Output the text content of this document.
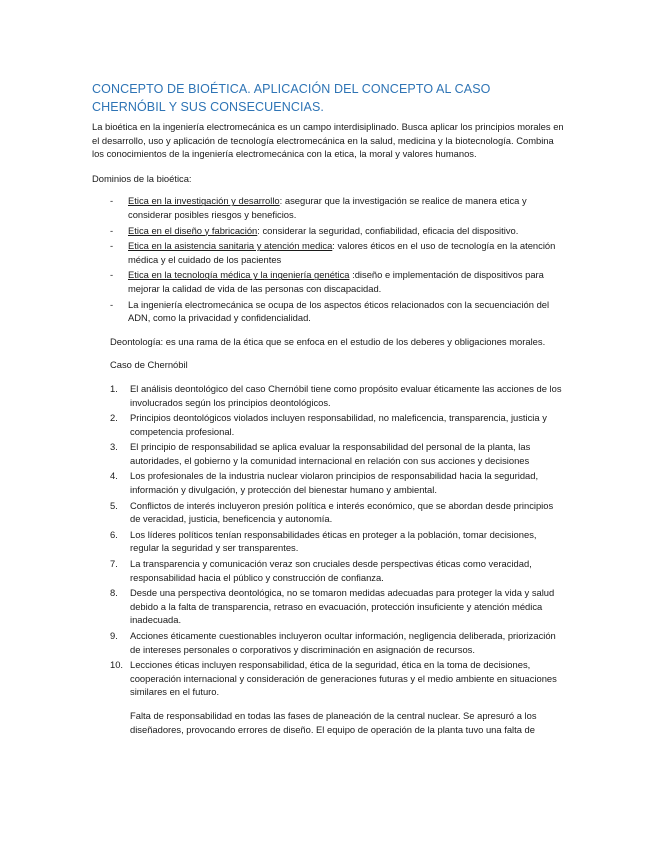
CONCEPTO DE BIOÉTICA. APLICACIÓN DEL CONCEPTO AL CASO CHERNÓBIL Y SUS CONSECUENCIAS.

La bioética en la ingeniería electromecánica es un campo interdisiplinado. Busca aplicar los principios morales en el desarrollo, uso y aplicación de tecnología electromecánica en la salud, medicina y la biotecnología. Combina los conocimientos de la ingeniería electromecánica con la etica, la moral y valores humanos.

Dominios de la bioética:

- Etica en la investigación y desarrollo: asegurar que la investigación se realice de manera etica y considerar posibles riesgos y beneficios.
- Etica en el diseño y fabricación: considerar la seguridad, confiabilidad, eficacia del dispositivo.
- Etica en la asistencia sanitaria y atención medica: valores éticos en el uso de tecnología en la atención médica y el cuidado de los pacientes
- Etica en la tecnología médica y la ingeniería genética :diseño e implementación de dispositivos para mejorar la calidad de vida de las personas con discapacidad.
- La ingeniería electromecánica se ocupa de los aspectos éticos relacionados con la secuenciación del ADN, como la privacidad y confidencialidad.

Deontología: es una rama de la ética que se enfoca en el estudio de los deberes y obligaciones morales.

Caso de Chernóbil

1. El análisis deontológico del caso Chernóbil tiene como propósito evaluar éticamente las acciones de los involucrados según los principios deontológicos.
2. Principios deontológicos violados incluyen responsabilidad, no maleficencia, transparencia, justicia y competencia profesional.
3. El principio de responsabilidad se aplica evaluar la responsabilidad del personal de la planta, las autoridades, el gobierno y la comunidad internacional en relación con sus acciones y decisiones
4. Los profesionales de la industria nuclear violaron principios de responsabilidad hacia la seguridad, información y divulgación, y protección del bienestar humano y ambiental.
5. Conflictos de interés incluyeron presión política e interés económico, que se abordan desde principios de veracidad, justicia, beneficencia y autonomía.
6. Los líderes políticos tenían responsabilidades éticas en proteger a la población, tomar decisiones, regular la seguridad y ser transparentes.
7. La transparencia y comunicación veraz son cruciales desde perspectivas éticas como veracidad, responsabilidad hacia el público y construcción de confianza.
8. Desde una perspectiva deontológica, no se tomaron medidas adecuadas para proteger la vida y salud debido a la falta de transparencia, retraso en evacuación, protección insuficiente y atención médica inadecuada.
9. Acciones éticamente cuestionables incluyeron ocultar información, negligencia deliberada, priorización de intereses personales o corporativos y discriminación en asignación de recursos.
10. Lecciones éticas incluyen responsabilidad, ética de la seguridad, ética en la toma de decisiones, cooperación internacional y consideración de generaciones futuras y el medio ambiente en situaciones similares en el futuro.

Falta de responsabilidad en todas las fases de planeación de la central nuclear. Se apresuró a los diseñadores, provocando errores de diseño. El equipo de operación de la planta tuvo una falta de
